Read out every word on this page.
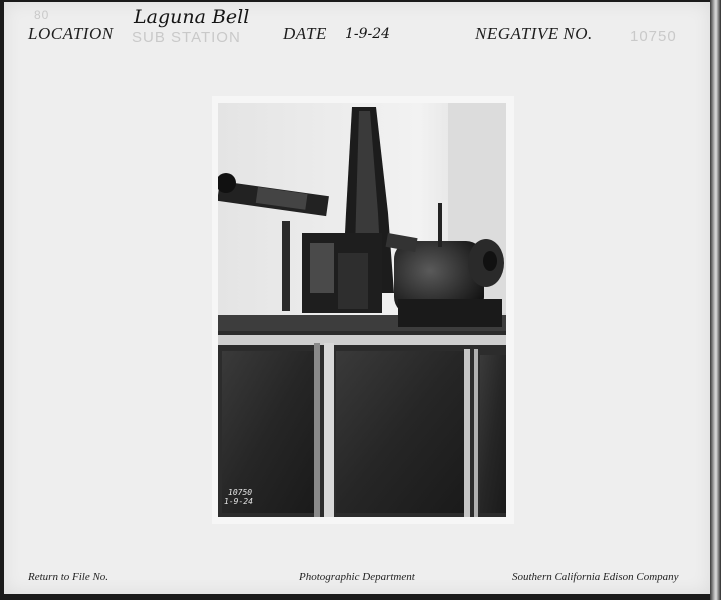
80
LOCATION
Laguna Bell
SUB STATION DATE 1-9-24	NEGATIVE NO. 10750
10750
1-9-24
Return to File No.	Photographic Department	Southern California Edison Company
